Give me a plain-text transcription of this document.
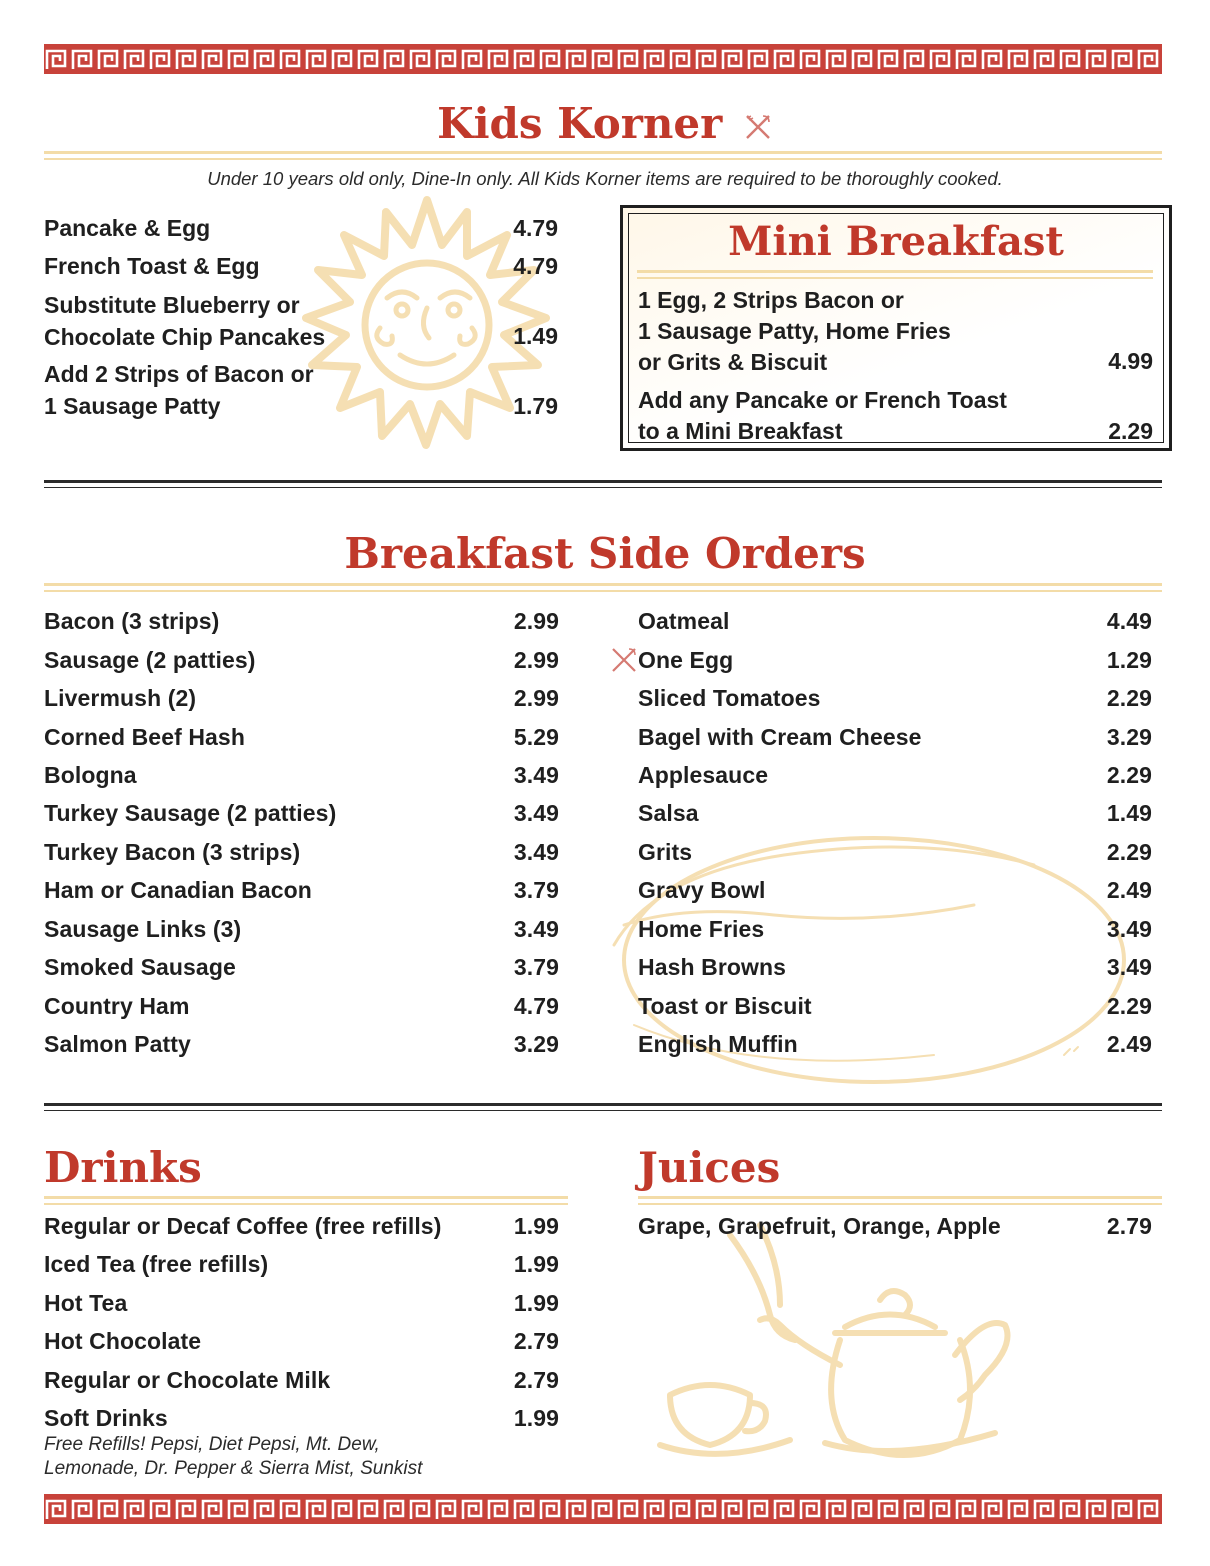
Kids Korner
Under 10 years old only, Dine-In only. All Kids Korner items are required to be thoroughly cooked.
Pancake & Egg	4.79
French Toast & Egg	4.79
Substitute Blueberry or
Chocolate Chip Pancakes	1.49
Add 2 Strips of Bacon or
1 Sausage Patty	1.79
Mini Breakfast
1 Egg, 2 Strips Bacon or
1 Sausage Patty, Home Fries
or Grits & Biscuit	4.99
Add any Pancake or French Toast
to a Mini Breakfast	2.29
Breakfast Side Orders
Bacon (3 strips)	2.99
Sausage (2 patties)	2.99
Livermush (2)	2.99
Corned Beef Hash	5.29
Bologna	3.49
Turkey Sausage (2 patties)	3.49
Turkey Bacon (3 strips)	3.49
Ham or Canadian Bacon	3.79
Sausage Links (3)	3.49
Smoked Sausage	3.79
Country Ham	4.79
Salmon Patty	3.29
Oatmeal	4.49
One Egg	1.29
Sliced Tomatoes	2.29
Bagel with Cream Cheese	3.29
Applesauce	2.29
Salsa	1.49
Grits	2.29
Gravy Bowl	2.49
Home Fries	3.49
Hash Browns	3.49
Toast or Biscuit	2.29
English Muffin	2.49
Drinks
Regular or Decaf Coffee (free refills)	1.99
Iced Tea (free refills)	1.99
Hot Tea	1.99
Hot Chocolate	2.79
Regular or Chocolate Milk	2.79
Soft Drinks	1.99
Free Refills! Pepsi, Diet Pepsi, Mt. Dew,
Lemonade, Dr. Pepper & Sierra Mist, Sunkist
Juices
Grape, Grapefruit, Orange, Apple	2.79
